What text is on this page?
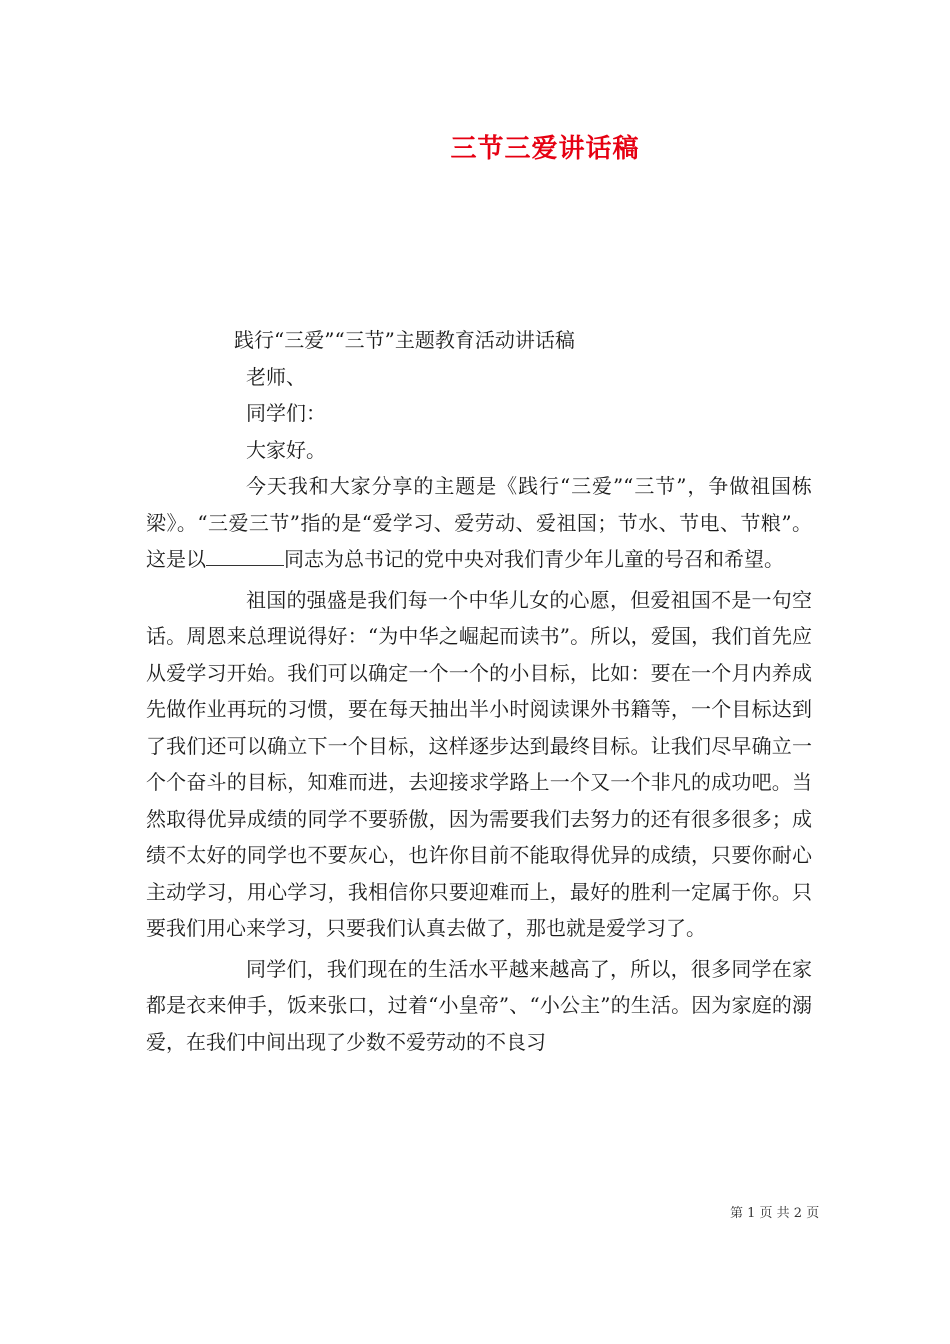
三节三爱讲话稿

践行“三爱”“三节”主题教育活动讲话稿

老师、

同学们：

大家好。

今天我和大家分享的主题是《践行“三爱”“三节”，争做祖国栋梁》。“三爱三节”指的是“爱学习、爱劳动、爱祖国；节水、节电、节粮”。这是以	同志为总书记的党中央对我们青少年儿童的号召和希望。

祖国的强盛是我们每一个中华儿女的心愿，但爱祖国不是一句空话。周恩来总理说得好：“为中华之崛起而读书”。所以，爱国，我们首先应从爱学习开始。我们可以确定一个一个的小目标，比如：要在一个月内养成先做作业再玩的习惯，要在每天抽出半小时阅读课外书籍等，一个目标达到了我们还可以确立下一个目标，这样逐步达到最终目标。让我们尽早确立一个个奋斗的目标，知难而进，去迎接求学路上一个又一个非凡的成功吧。当然取得优异成绩的同学不要骄傲，因为需要我们去努力的还有很多很多；成绩不太好的同学也不要灰心，也许你目前不能取得优异的成绩，只要你耐心主动学习，用心学习，我相信你只要迎难而上，最好的胜利一定属于你。只要我们用心来学习，只要我们认真去做了，那也就是爱学习了。

同学们，我们现在的生活水平越来越高了，所以，很多同学在家都是衣来伸手，饭来张口，过着“小皇帝”、“小公主”的生活。因为家庭的溺爱，在我们中间出现了少数不爱劳动的不良习

第 1 页 共 2 页
